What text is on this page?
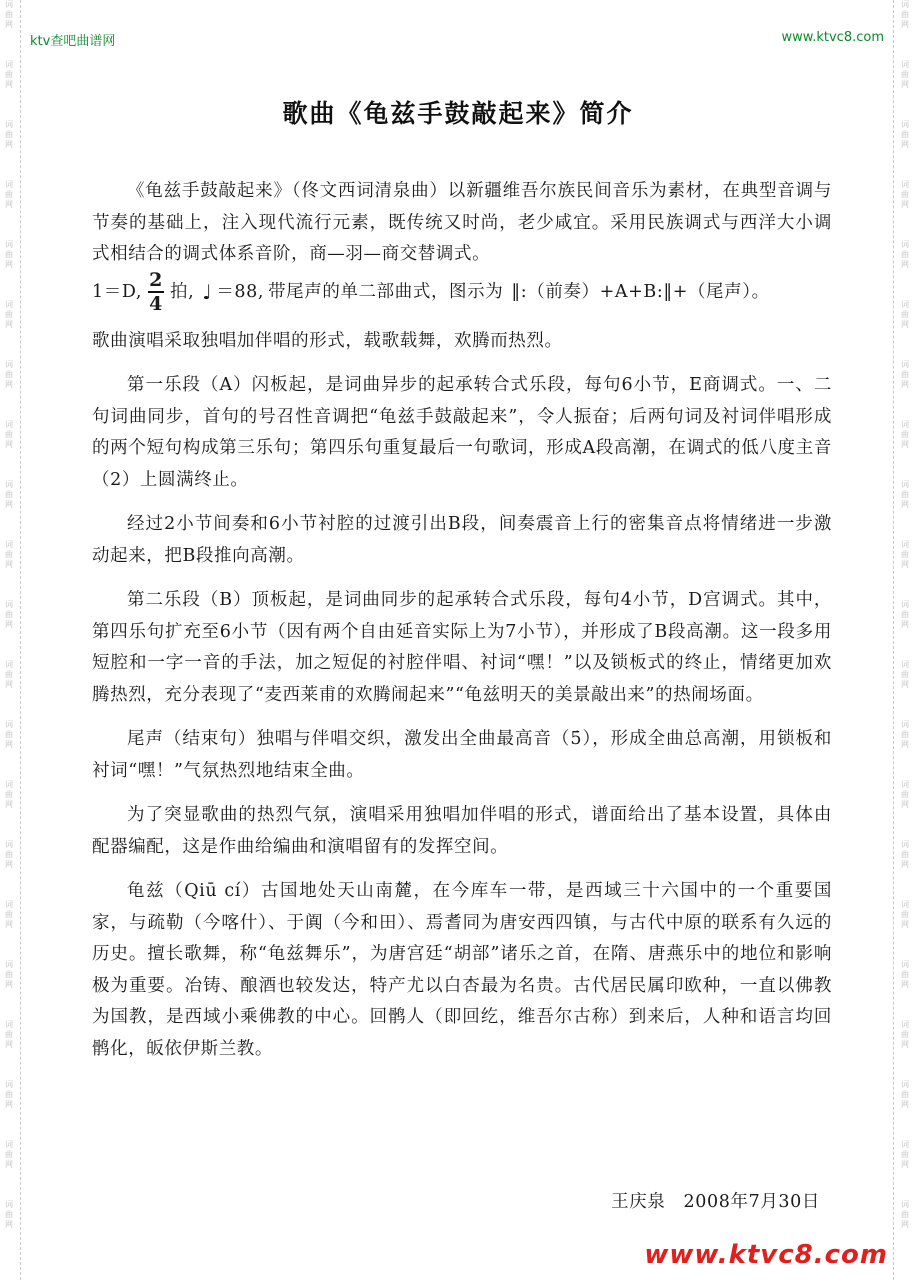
词
曲
网
词
曲
网
词
曲
网
词
曲
网
词
曲
网
词
曲
网
词
曲
网
词
曲
网
词
曲
网
词
曲
网
词
曲
网
词
曲
网
词
曲
网
词
曲
网
词
曲
网
词
曲
网
词
曲
网
词
曲
网
词
曲
网
词
曲
网
词
曲
网
词
曲
网
词
曲
网
词
曲
网
词
曲
网
词
曲
网
词
曲
网
词
曲
网
词
曲
网
词
曲
网
词
曲
网
词
曲
网
词
曲
网
词
曲
网
词
曲
网
词
曲
网
词
曲
网
词
曲
网
词
曲
网
词
曲
网
词
曲
网
词
曲
网
ktv查吧曲谱网	www.ktvc8.com
歌曲《龟兹手鼓敲起来》简介
《龟兹手鼓敲起来》（佟文西词清泉曲）以新疆维吾尔族民间音乐为素材，在典型音调与节奏的基础上，注入现代流行元素，既传统又时尚，老少咸宜。采用民族调式与西洋大小调式相结合的调式体系音阶，商—羽—商交替调式。
1＝D, $\frac{2}{4}$ 拍, ♩ ＝88, 带尾声的单二部曲式，图示为 ‖:（前奏）+A+B:‖+（尾声）。
歌曲演唱采取独唱加伴唱的形式，载歌载舞，欢腾而热烈。
第一乐段（A）闪板起，是词曲异步的起承转合式乐段，每句6小节，E商调式。一、二句词曲同步，首句的号召性音调把“龟兹手鼓敲起来”，令人振奋；后两句词及衬词伴唱形成的两个短句构成第三乐句；第四乐句重复最后一句歌词，形成A段高潮，在调式的低八度主音（2）上圆满终止。
经过2小节间奏和6小节衬腔的过渡引出B段，间奏震音上行的密集音点将情绪进一步激动起来，把B段推向高潮。
第二乐段（B）顶板起，是词曲同步的起承转合式乐段，每句4小节，D宫调式。其中，第四乐句扩充至6小节（因有两个自由延音实际上为7小节），并形成了B段高潮。这一段多用短腔和一字一音的手法，加之短促的衬腔伴唱、衬词“嘿！”以及锁板式的终止，情绪更加欢腾热烈，充分表现了“麦西莱甫的欢腾闹起来”“龟兹明天的美景敲出来”的热闹场面。
尾声（结束句）独唱与伴唱交织，激发出全曲最高音（5̇），形成全曲总高潮，用锁板和衬词“嘿！”气氛热烈地结束全曲。
为了突显歌曲的热烈气氛，演唱采用独唱加伴唱的形式，谱面给出了基本设置，具体由配器编配，这是作曲给编曲和演唱留有的发挥空间。
龟兹（Qiū cí）古国地处天山南麓，在今库车一带，是西域三十六国中的一个重要国家，与疏勒（今喀什）、于阗（今和田）、焉耆同为唐安西四镇，与古代中原的联系有久远的历史。擅长歌舞，称“龟兹舞乐”，为唐宫廷“胡部”诸乐之首，在隋、唐燕乐中的地位和影响极为重要。冶铸、酿酒也较发达，特产尤以白杏最为名贵。古代居民属印欧种，一直以佛教为国教，是西域小乘佛教的中心。回鹘人（即回纥，维吾尔古称）到来后，人种和语言均回鹘化，皈依伊斯兰教。
王庆泉　2008年7月30日
www.ktvc8.com
